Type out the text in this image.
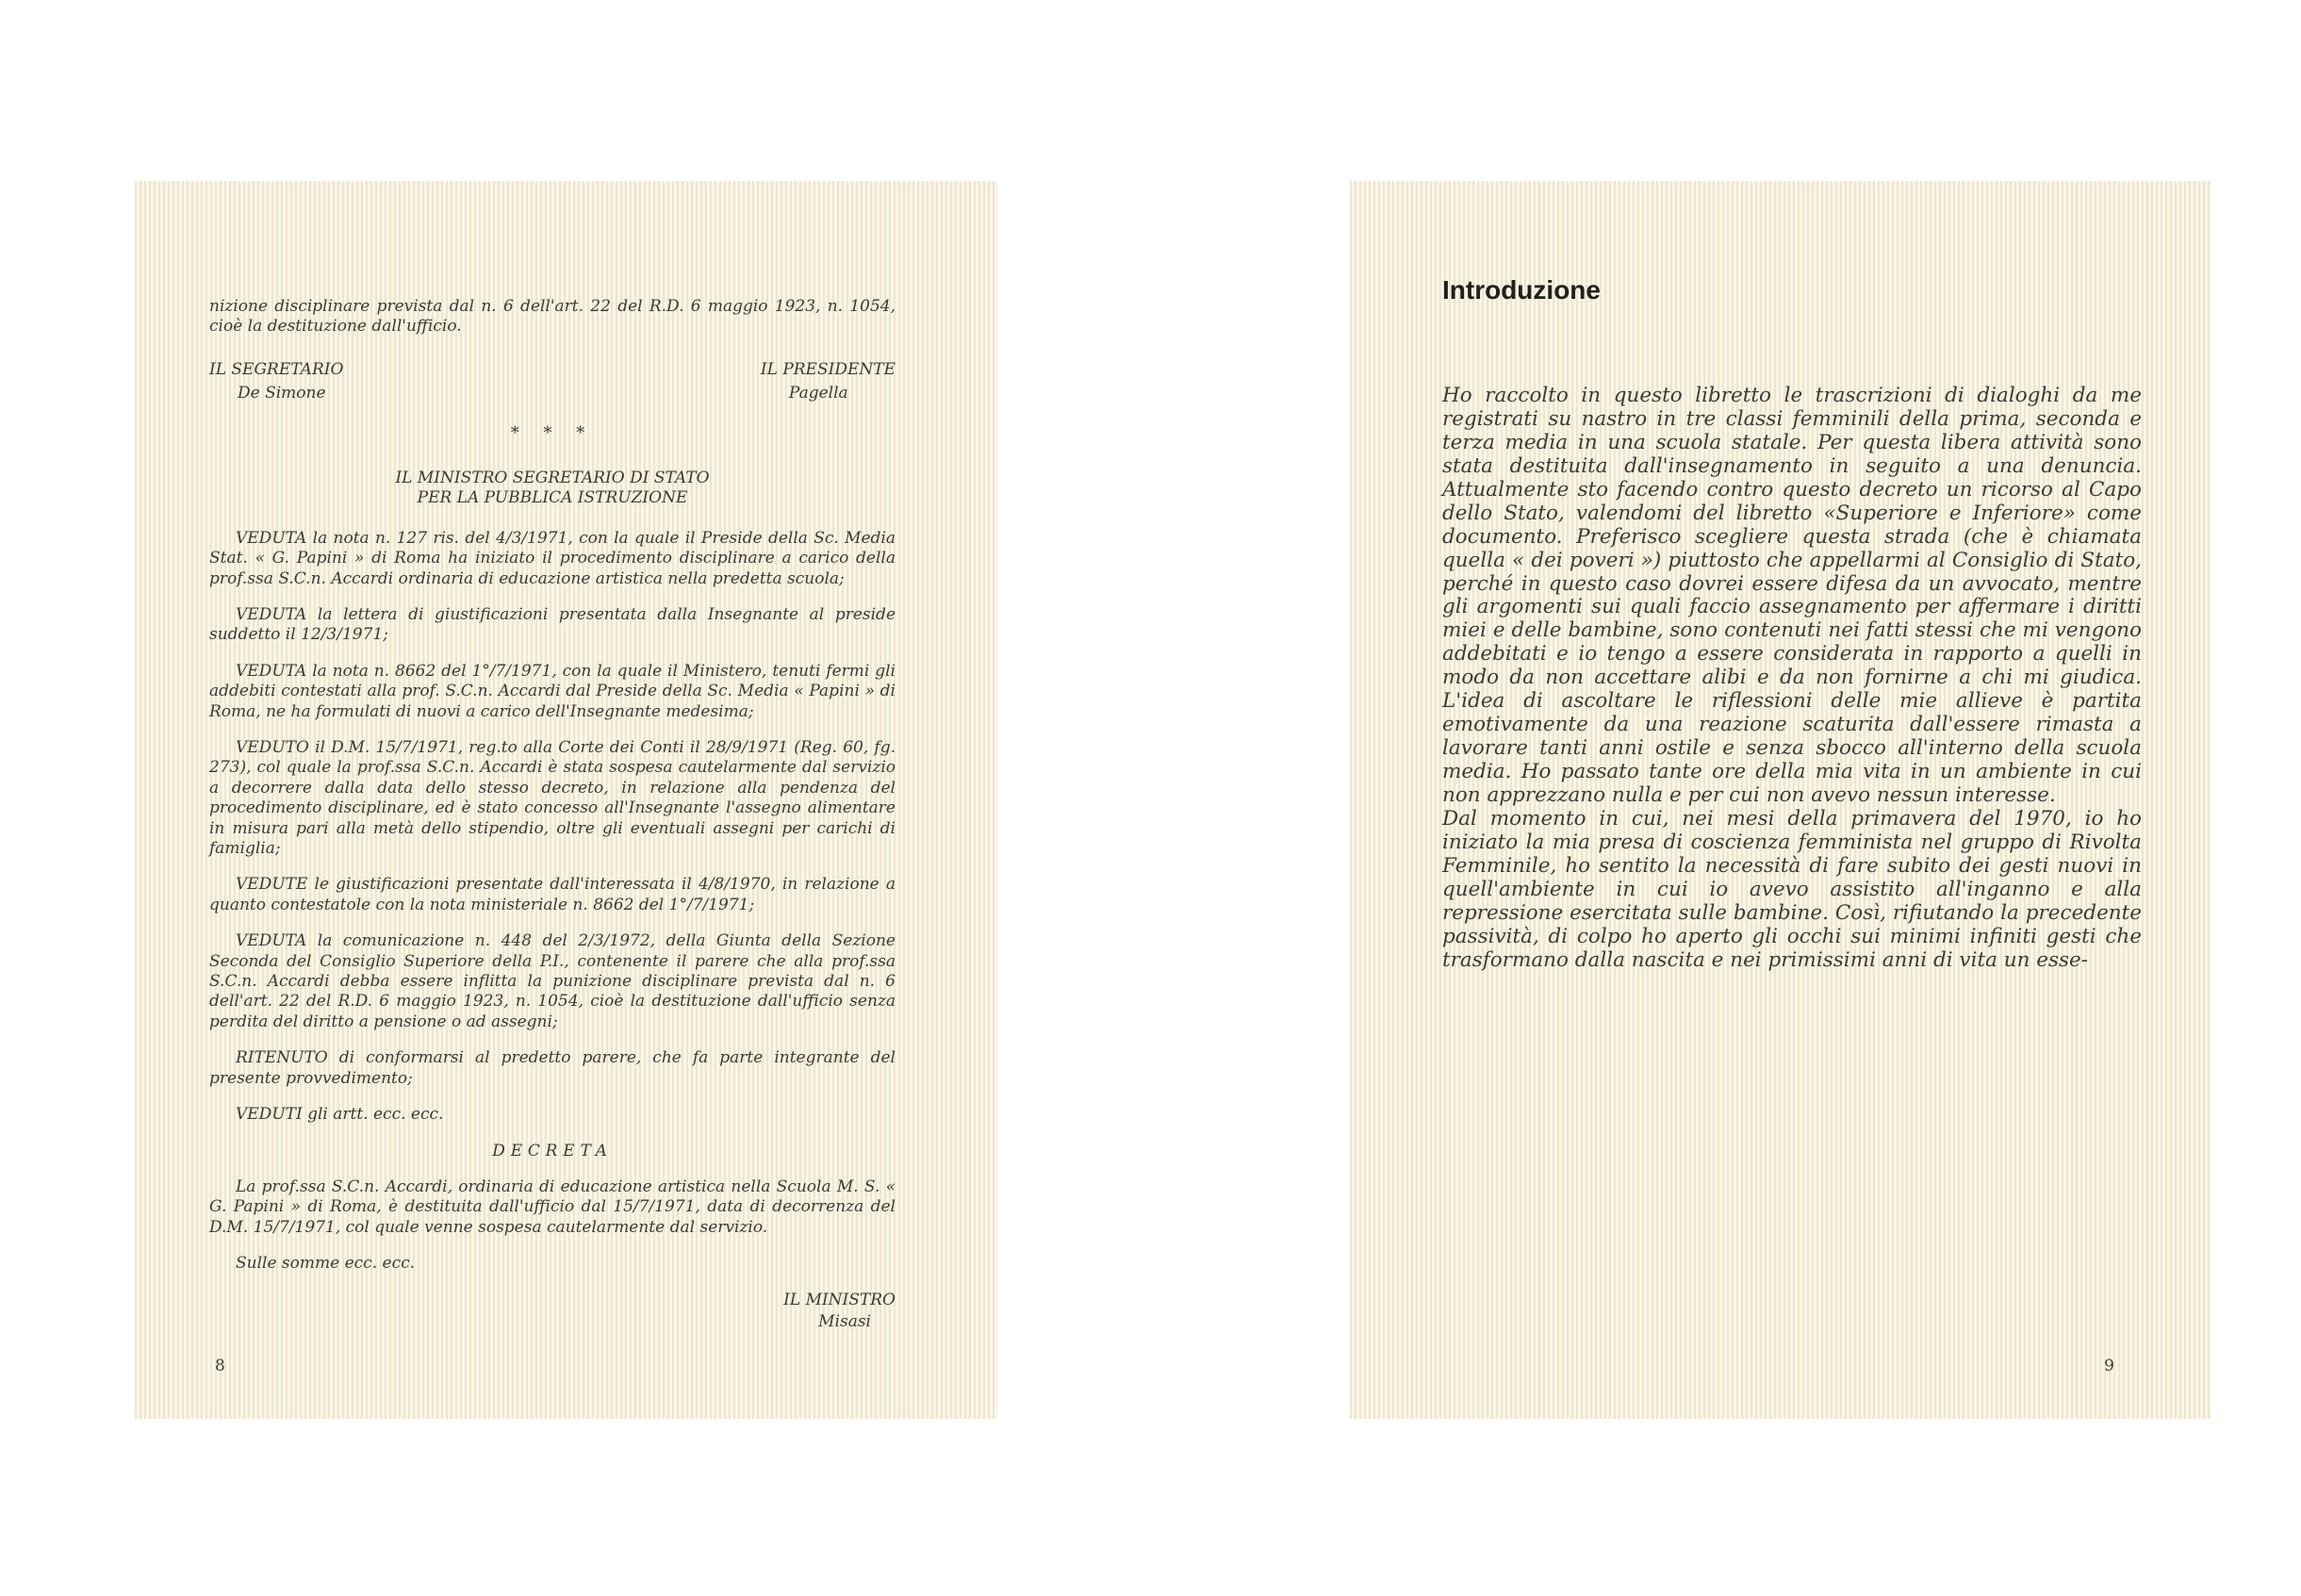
nizione disciplinare prevista dal n. 6 dell'art. 22 del R.D. 6 maggio 1923, n. 1054, cioè la destituzione dall'ufficio.

IL SEGRETARIO
De Simone
IL PRESIDENTE
Pagella
* * *
IL MINISTRO SEGRETARIO DI STATO
PER LA PUBBLICA ISTRUZIONE

VEDUTA la nota n. 127 ris. del 4/3/1971, con la quale il Preside della Sc. Media Stat. « G. Papini » di Roma ha iniziato il procedimento disciplinare a carico della prof.ssa S.C.n. Accardi ordinaria di educazione artistica nella predetta scuola;

VEDUTA la lettera di giustificazioni presentata dalla Insegnante al preside suddetto il 12/3/1971;

VEDUTA la nota n. 8662 del 1°/7/1971, con la quale il Ministero, tenuti fermi gli addebiti contestati alla prof. S.C.n. Accardi dal Preside della Sc. Media « Papini » di Roma, ne ha formulati di nuovi a carico dell'Insegnante medesima;

VEDUTO il D.M. 15/7/1971, reg.to alla Corte dei Conti il 28/9/1971 (Reg. 60, fg. 273), col quale la prof.ssa S.C.n. Accardi è stata sospesa cautelarmente dal servizio a decorrere dalla data dello stesso decreto, in relazione alla pendenza del procedimento disciplinare, ed è stato concesso all'Insegnante l'assegno alimentare in misura pari alla metà dello stipendio, oltre gli eventuali assegni per carichi di famiglia;

VEDUTE le giustificazioni presentate dall'interessata il 4/8/1970, in relazione a quanto contestatole con la nota ministeriale n. 8662 del 1°/7/1971;

VEDUTA la comunicazione n. 448 del 2/3/1972, della Giunta della Sezione Seconda del Consiglio Superiore della P.I., contenente il parere che alla prof.ssa S.C.n. Accardi debba essere inflitta la punizione disciplinare prevista dal n. 6 dell'art. 22 del R.D. 6 maggio 1923, n. 1054, cioè la destituzione dall'ufficio senza perdita del diritto a pensione o ad assegni;

RITENUTO di conformarsi al predetto parere, che fa parte integrante del presente provvedimento;

VEDUTI gli artt. ecc. ecc.

DECRETA

La prof.ssa S.C.n. Accardi, ordinaria di educazione artistica nella Scuola M. S. « G. Papini » di Roma, è destituita dall'ufficio dal 15/7/1971, data di decorrenza del D.M. 15/7/1971, col quale venne sospesa cautelarmente dal servizio.

Sulle somme ecc. ecc.

IL MINISTRO
Misasi
8
Introduzione

Ho raccolto in questo libretto le trascrizioni di dialoghi da me registrati su nastro in tre classi femminili della prima, seconda e terza media in una scuola statale. Per questa libera attività sono stata destituita dall'insegnamento in seguito a una denuncia. Attualmente sto facendo contro questo decreto un ricorso al Capo dello Stato, valendomi del libretto «Superiore e Inferiore» come documento. Preferisco scegliere questa strada (che è chiamata quella « dei poveri ») piuttosto che appellarmi al Consiglio di Stato, perché in questo caso dovrei essere difesa da un avvocato, mentre gli argomenti sui quali faccio assegnamento per affermare i diritti miei e delle bambine, sono contenuti nei fatti stessi che mi vengono addebitati e io tengo a essere considerata in rapporto a quelli in modo da non accettare alibi e da non fornirne a chi mi giudica. L'idea di ascoltare le riflessioni delle mie allieve è partita emotivamente da una reazione scaturita dall'essere rimasta a lavorare tanti anni ostile e senza sbocco all'interno della scuola media. Ho passato tante ore della mia vita in un ambiente in cui non apprezzano nulla e per cui non avevo nessun interesse.

Dal momento in cui, nei mesi della primavera del 1970, io ho iniziato la mia presa di coscienza femminista nel gruppo di Rivolta Femminile, ho sentito la necessità di fare subito dei gesti nuovi in quell'ambiente in cui io avevo assistito all'inganno e alla repressione esercitata sulle bambine. Così, rifiutando la precedente passività, di colpo ho aperto gli occhi sui minimi infiniti gesti che trasformano dalla nascita e nei primissimi anni di vita un esse-

9
